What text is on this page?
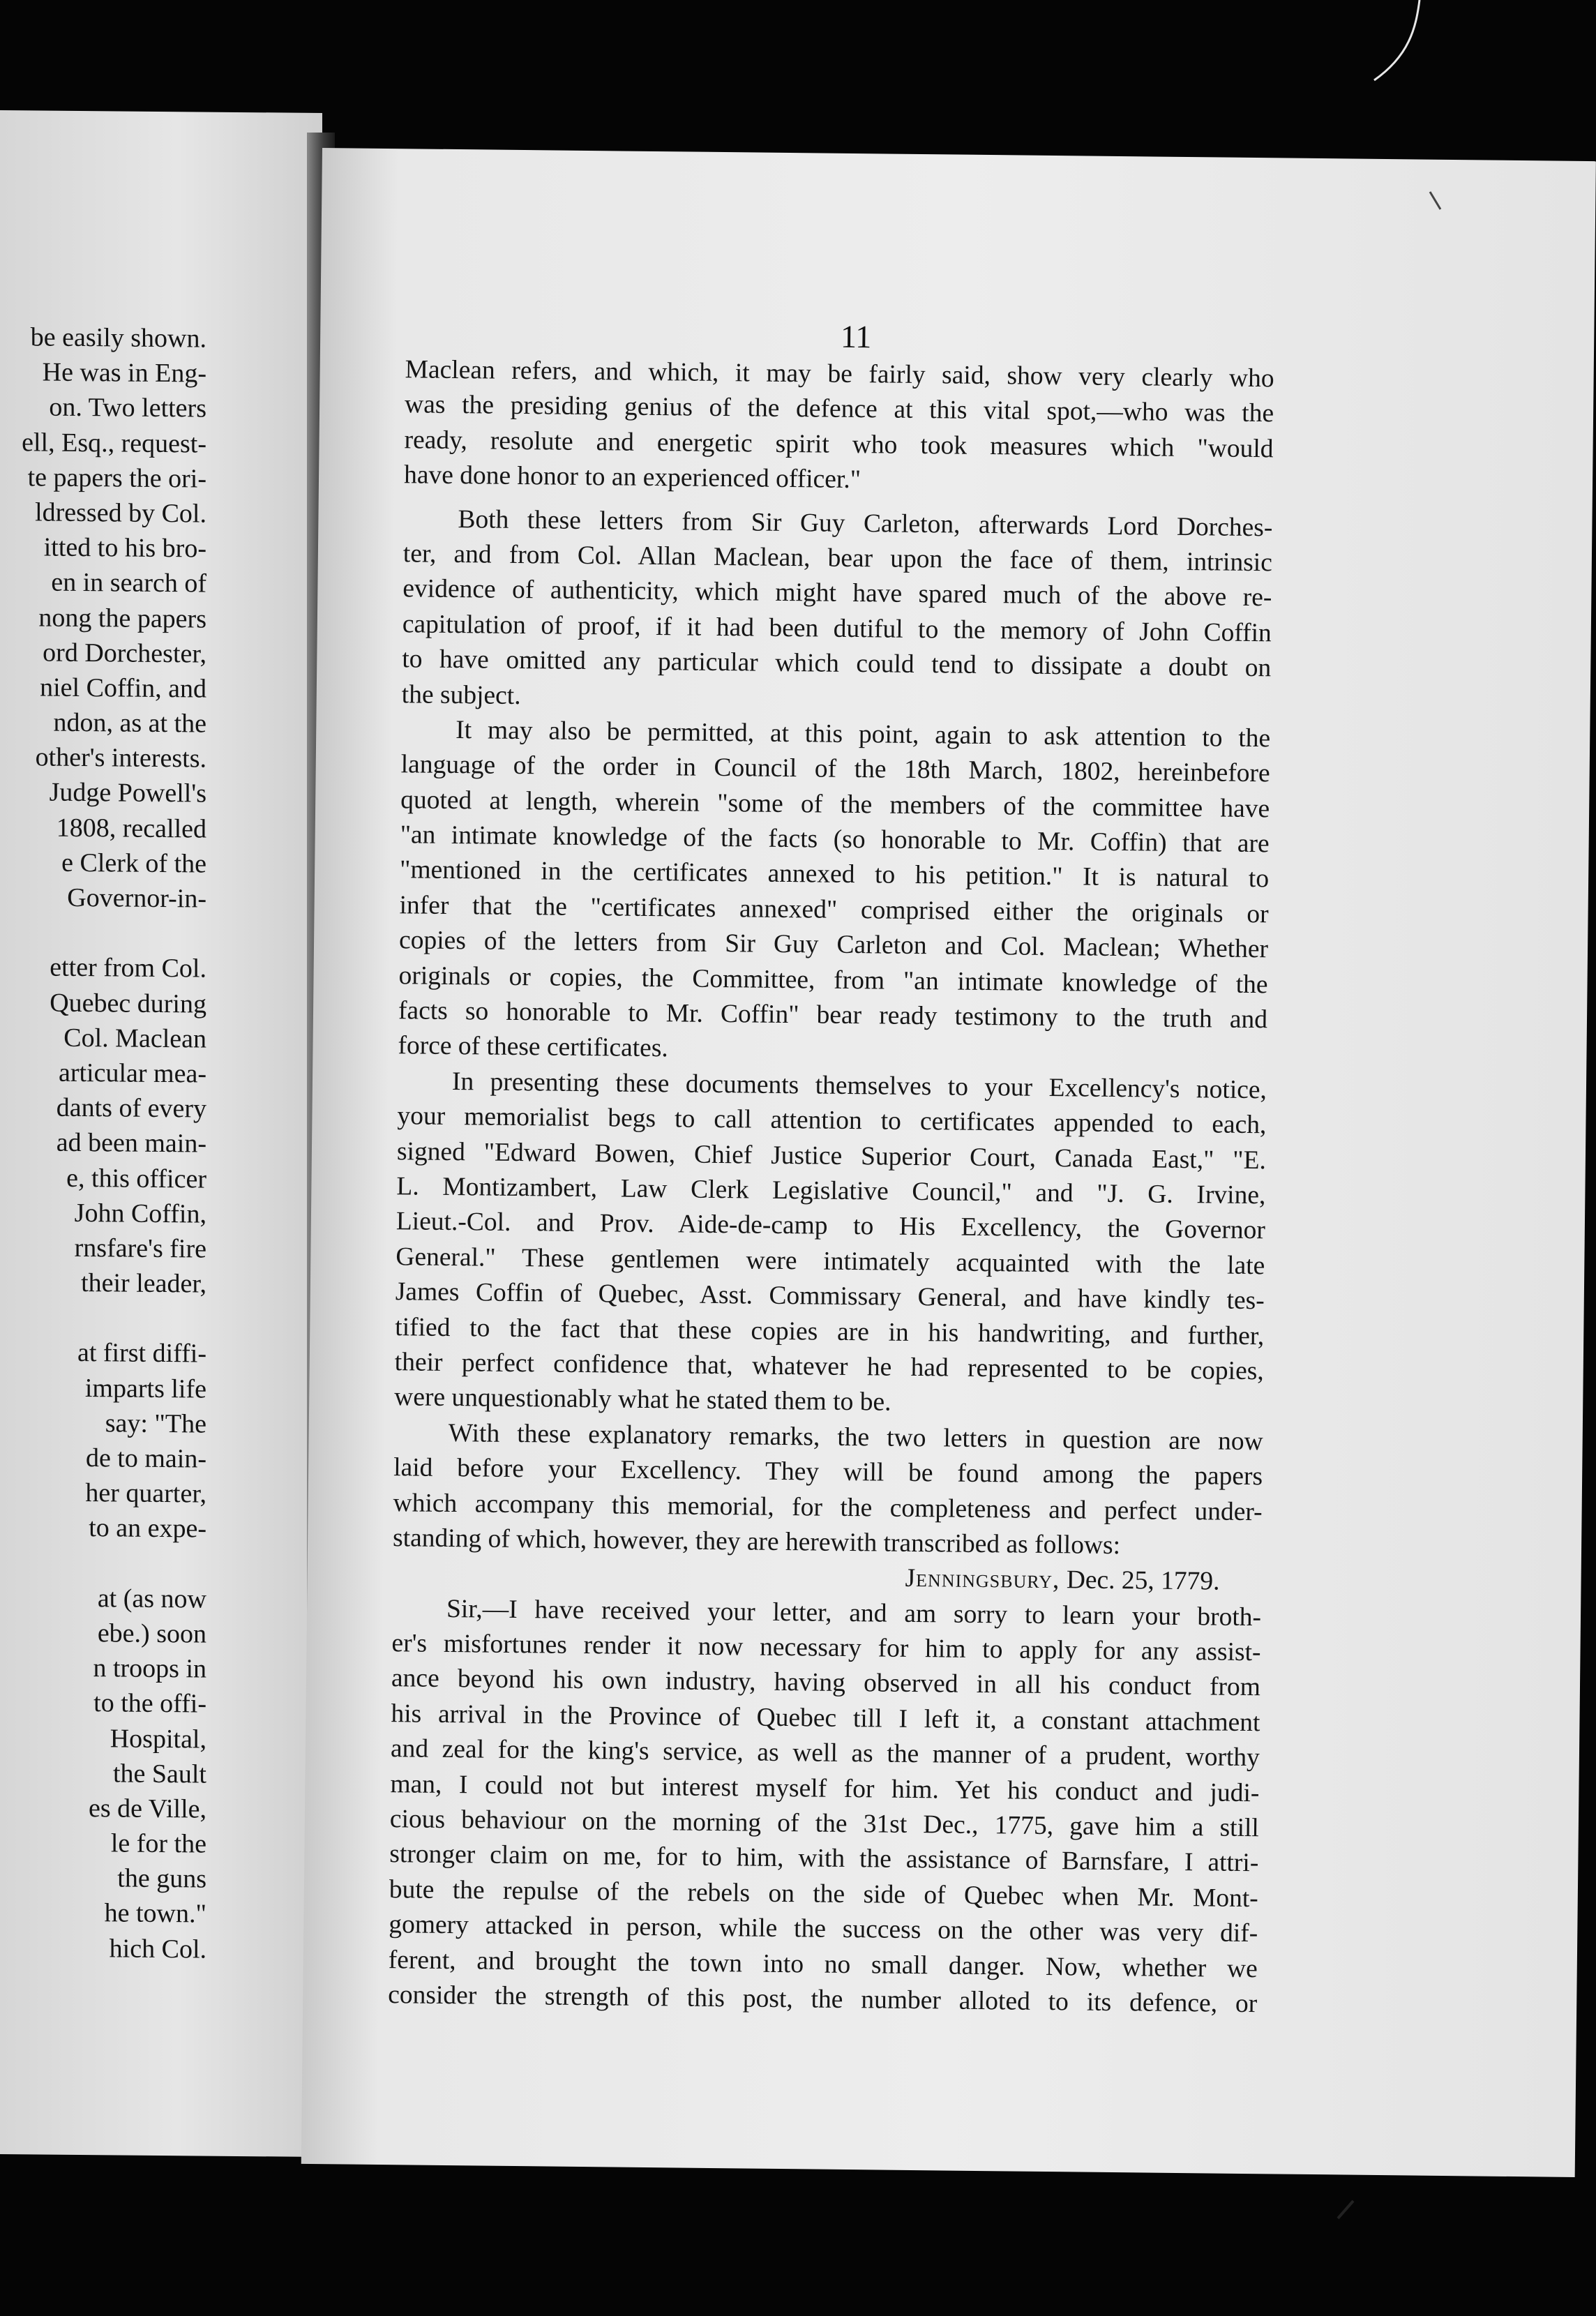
be easily shown.
He was in Eng-
on. Two letters
ell, Esq., request-
te papers the ori-
ldressed by Col.
itted to his bro-
en in search of
nong the papers
ord Dorchester,
niel Coffin, and
ndon, as at the
other's interests.
Judge Powell's
1808, recalled
e Clerk of the
Governor-in-
etter from Col.
Quebec during
Col. Maclean
articular mea-
dants of every
ad been main-
e, this officer
John Coffin,
rnsfare's fire
their leader,
at first diffi-
imparts life
say: "The
de to main-
her quarter,
to an expe-
at (as now
ebe.) soon
n troops in
to the offi-
Hospital,
the Sault
es de Ville,
le for the
the guns
he town."
hich Col.
11
Maclean refers, and which, it may be fairly said, show very clearly who
was the presiding genius of the defence at this vital spot,—who was the
ready, resolute and energetic spirit who took measures which "would
have done honor to an experienced officer."
Both these letters from Sir Guy Carleton, afterwards Lord Dorches-
ter, and from Col. Allan Maclean, bear upon the face of them, intrinsic
evidence of authenticity, which might have spared much of the above re-
capitulation of proof, if it had been dutiful to the memory of John Coffin
to have omitted any particular which could tend to dissipate a doubt on
the subject.
It may also be permitted, at this point, again to ask attention to the
language of the order in Council of the 18th March, 1802, hereinbefore
quoted at length, wherein "some of the members of the committee have
"an intimate knowledge of the facts (so honorable to Mr. Coffin) that are
"mentioned in the certificates annexed to his petition." It is natural to
infer that the "certificates annexed" comprised either the originals or
copies of the letters from Sir Guy Carleton and Col. Maclean; Whether
originals or copies, the Committee, from "an intimate knowledge of the
facts so honorable to Mr. Coffin" bear ready testimony to the truth and
force of these certificates.
In presenting these documents themselves to your Excellency's notice,
your memorialist begs to call attention to certificates appended to each,
signed "Edward Bowen, Chief Justice Superior Court, Canada East," "E.
L. Montizambert, Law Clerk Legislative Council," and "J. G. Irvine,
Lieut.-Col. and Prov. Aide-de-camp to His Excellency, the Governor
General." These gentlemen were intimately acquainted with the late
James Coffin of Quebec, Asst. Commissary General, and have kindly tes-
tified to the fact that these copies are in his handwriting, and further,
their perfect confidence that, whatever he had represented to be copies,
were unquestionably what he stated them to be.
With these explanatory remarks, the two letters in question are now
laid before your Excellency. They will be found among the papers
which accompany this memorial, for the completeness and perfect under-
standing of which, however, they are herewith transcribed as follows:
Jenningsbury, Dec. 25, 1779.
Sir,—I have received your letter, and am sorry to learn your broth-
er's misfortunes render it now necessary for him to apply for any assist-
ance beyond his own industry, having observed in all his conduct from
his arrival in the Province of Quebec till I left it, a constant attachment
and zeal for the king's service, as well as the manner of a prudent, worthy
man, I could not but interest myself for him. Yet his conduct and judi-
cious behaviour on the morning of the 31st Dec., 1775, gave him a still
stronger claim on me, for to him, with the assistance of Barnsfare, I attri-
bute the repulse of the rebels on the side of Quebec when Mr. Mont-
gomery attacked in person, while the success on the other was very dif-
ferent, and brought the town into no small danger. Now, whether we
consider the strength of this post, the number alloted to its defence, or
